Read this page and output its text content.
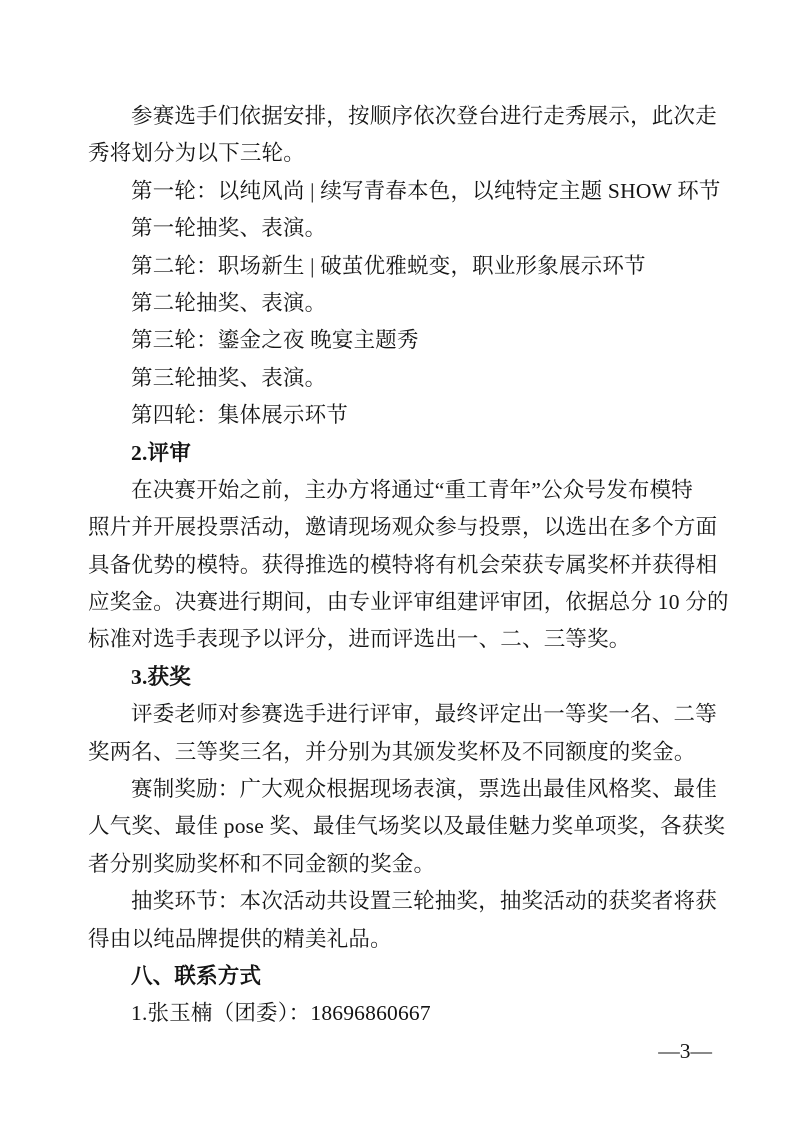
参赛选手们依据安排，按顺序依次登台进行走秀展示，此次走
秀将划分为以下三轮。
第一轮：以纯风尚 | 续写青春本色，以纯特定主题 SHOW 环节
第一轮抽奖、表演。
第二轮：职场新生 | 破茧优雅蜕变，职业形象展示环节
第二轮抽奖、表演。
第三轮：鎏金之夜 晚宴主题秀
第三轮抽奖、表演。
第四轮：集体展示环节
2.评审
在决赛开始之前，主办方将通过“重工青年”公众号发布模特
照片并开展投票活动，邀请现场观众参与投票，以选出在多个方面
具备优势的模特。获得推选的模特将有机会荣获专属奖杯并获得相
应奖金。决赛进行期间，由专业评审组建评审团，依据总分 10 分的
标准对选手表现予以评分，进而评选出一、二、三等奖。
3.获奖
评委老师对参赛选手进行评审，最终评定出一等奖一名、二等
奖两名、三等奖三名，并分别为其颁发奖杯及不同额度的奖金。
赛制奖励：广大观众根据现场表演，票选出最佳风格奖、最佳
人气奖、最佳 pose 奖、最佳气场奖以及最佳魅力奖单项奖，各获奖
者分别奖励奖杯和不同金额的奖金。
抽奖环节：本次活动共设置三轮抽奖，抽奖活动的获奖者将获
得由以纯品牌提供的精美礼品。
八、联系方式
1.张玉楠（团委）：18696860667
—3—
